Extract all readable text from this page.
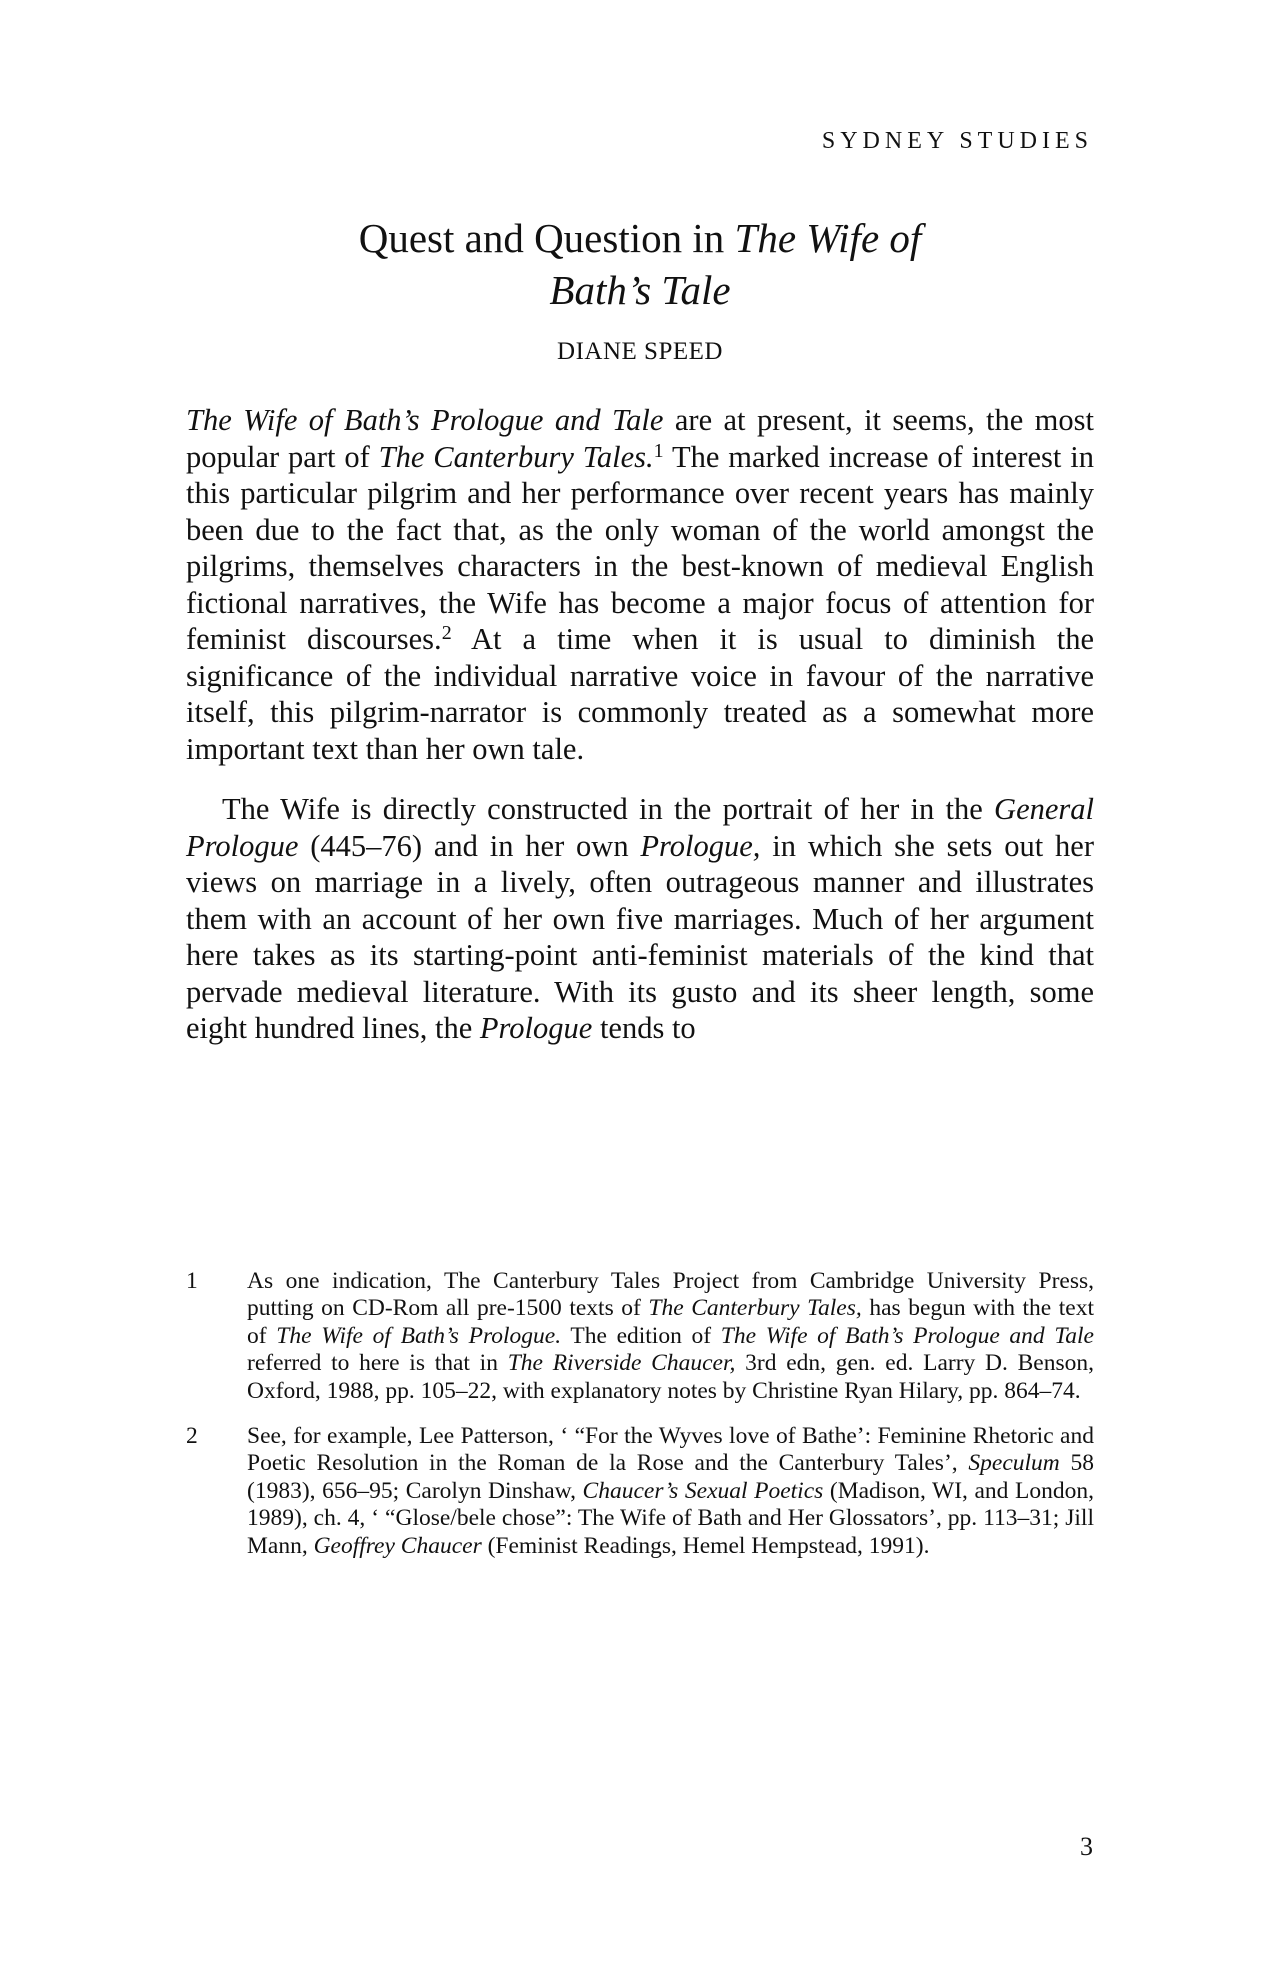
SYDNEY STUDIES
Quest and Question in The Wife of
Bath’s Tale
DIANE SPEED

The Wife of Bath’s Prologue and Tale are at present, it seems, the most popular part of The Canterbury Tales.$^1$ The marked increase of interest in this particular pilgrim and her performance over recent years has mainly been due to the fact that, as the only woman of the world amongst the pilgrims, themselves characters in the best-known of medieval English fictional narratives, the Wife has become a major focus of attention for feminist discourses.$^2$ At a time when it is usual to diminish the significance of the individual narrative voice in favour of the narrative itself, this pilgrim-narrator is commonly treated as a somewhat more important text than her own tale.

The Wife is directly constructed in the portrait of her in the General Prologue (445–76) and in her own Prologue, in which she sets out her views on marriage in a lively, often outrageous manner and illustrates them with an account of her own five marriages. Much of her argument here takes as its starting-point anti-feminist materials of the kind that pervade medieval literature. With its gusto and its sheer length, some eight hundred lines, the Prologue tends to

1	As one indication, The Canterbury Tales Project from Cambridge University Press, putting on CD-Rom all pre-1500 texts of The Canterbury Tales, has begun with the text of The Wife of Bath’s Prologue. The edition of The Wife of Bath’s Prologue and Tale referred to here is that in The Riverside Chaucer, 3rd edn, gen. ed. Larry D. Benson, Oxford, 1988, pp. 105–22, with explanatory notes by Christine Ryan Hilary, pp. 864–74.
2	See, for example, Lee Patterson, ‘ “For the Wyves love of Bathe’: Feminine Rhetoric and Poetic Resolution in the Roman de la Rose and the Canterbury Tales’, Speculum 58 (1983), 656–95; Carolyn Dinshaw, Chaucer’s Sexual Poetics (Madison, WI, and London, 1989), ch. 4, ‘ “Glose/bele chose”: The Wife of Bath and Her Glossators’, pp. 113–31; Jill Mann, Geoffrey Chaucer (Feminist Readings, Hemel Hempstead, 1991).
3
